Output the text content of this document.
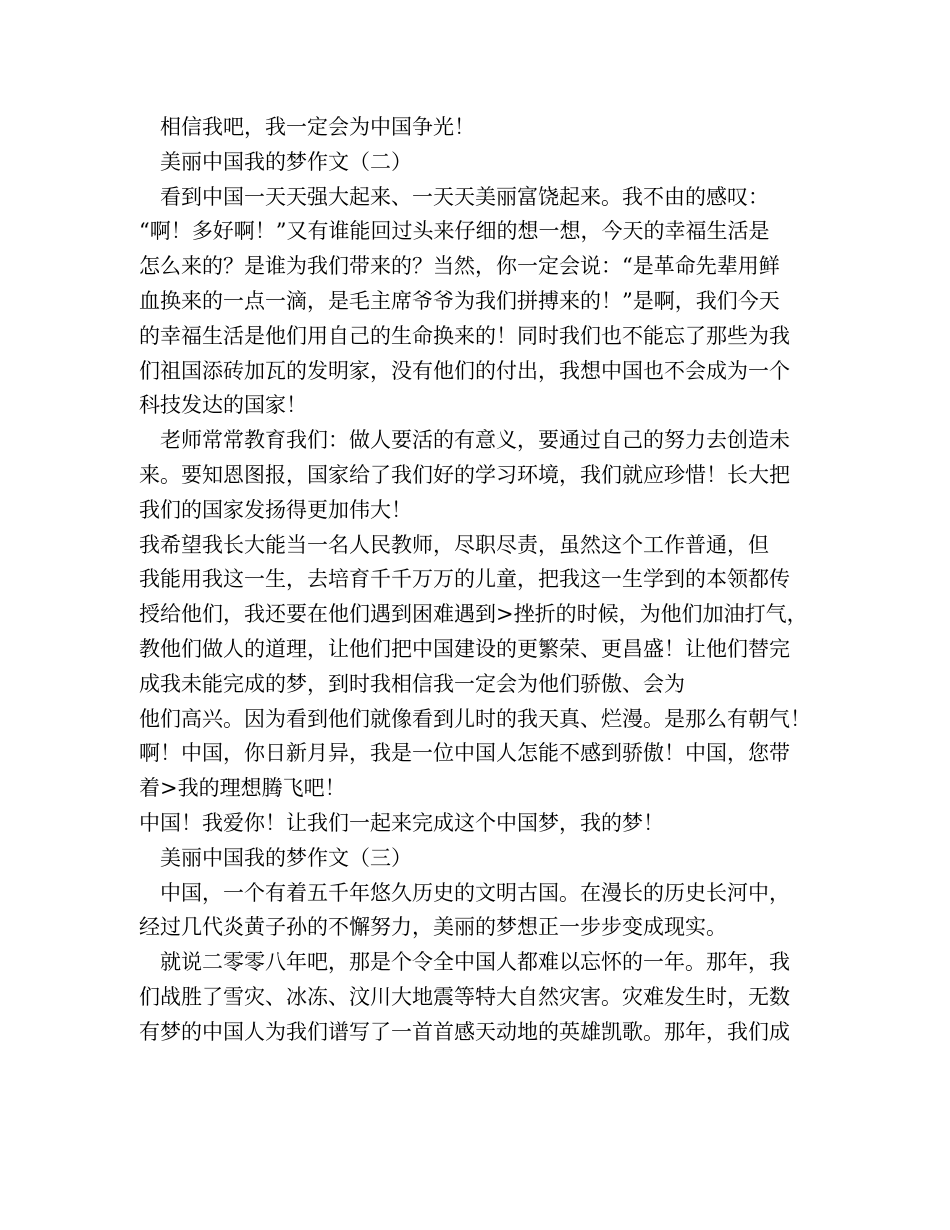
　相信我吧，我一定会为中国争光！
　美丽中国我的梦作文（二）
　看到中国一天天强大起来、一天天美丽富饶起来。我不由的感叹：
“啊！多好啊！”又有谁能回过头来仔细的想一想，今天的幸福生活是
怎么来的？是谁为我们带来的？当然，你一定会说：“是革命先辈用鲜
血换来的一点一滴，是毛主席爷爷为我们拼搏来的！”是啊，我们今天
的幸福生活是他们用自己的生命换来的！同时我们也不能忘了那些为我
们祖国添砖加瓦的发明家，没有他们的付出，我想中国也不会成为一个
科技发达的国家！
　老师常常教育我们：做人要活的有意义，要通过自己的努力去创造未
来。要知恩图报，国家给了我们好的学习环境，我们就应珍惜！长大把
我们的国家发扬得更加伟大！
我希望我长大能当一名人民教师，尽职尽责，虽然这个工作普通，但
我能用我这一生，去培育千千万万的儿童，把我这一生学到的本领都传
授给他们，我还要在他们遇到困难遇到>挫折的时候，为他们加油打气，
教他们做人的道理，让他们把中国建设的更繁荣、更昌盛！让他们替完
成我未能完成的梦，到时我相信我一定会为他们骄傲、会为
他们高兴。因为看到他们就像看到儿时的我天真、烂漫。是那么有朝气！
啊！中国，你日新月异，我是一位中国人怎能不感到骄傲！中国，您带
着>我的理想腾飞吧！
中国！我爱你！让我们一起来完成这个中国梦，我的梦！
　美丽中国我的梦作文（三）
　中国，一个有着五千年悠久历史的文明古国。在漫长的历史长河中，
经过几代炎黄子孙的不懈努力，美丽的梦想正一步步变成现实。
　就说二零零八年吧，那是个令全中国人都难以忘怀的一年。那年，我
们战胜了雪灾、冰冻、汶川大地震等特大自然灾害。灾难发生时，无数
有梦的中国人为我们谱写了一首首感天动地的英雄凯歌。那年，我们成
